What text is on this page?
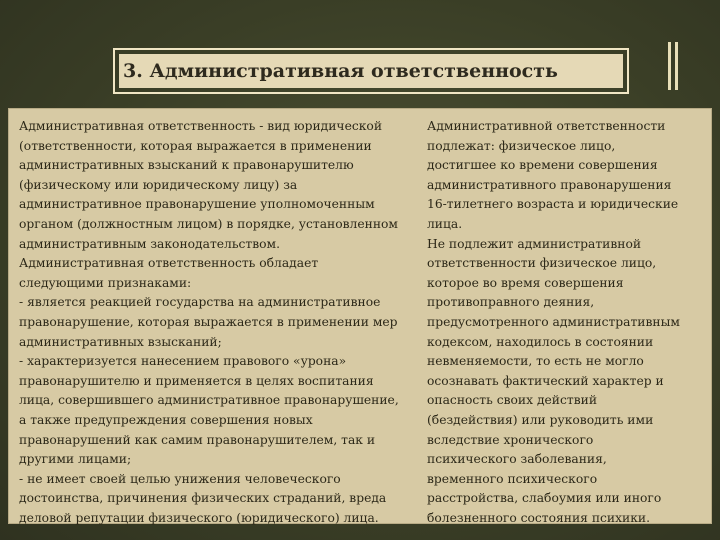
3. Административная ответственность
Административная ответственность - вид юридической
(ответственности, которая выражается в применении
административных взысканий к правонарушителю
(физическому или юридическому лицу) за
административное правонарушение уполномоченным
органом (должностным лицом) в порядке, установленном
административным законодательством.
Административная ответственность обладает
следующими признаками:
- является реакцией государства на административное
правонарушение, которая выражается в применении мер
административных взысканий;
- характеризуется нанесением правового «урона»
правонарушителю и применяется в целях воспитания
лица, совершившего административное правонарушение,
а также предупреждения совершения новых
правонарушений как самим правонарушителем, так и
другими лицами;
- не имеет своей целью унижения человеческого
достоинства, причинения физических страданий, вреда
деловой репутации физического (юридического) лица.
Административной ответственности
подлежат: физическое лицо,
достигшее ко времени совершения
административного правонарушения
16-тилетнего возраста и юридические
лица.
Не подлежит административной
ответственности физическое лицо,
которое во время совершения
противоправного деяния,
предусмотренного административным
кодексом, находилось в состоянии
невменяемости, то есть не могло
осознавать фактический характер и
опасность своих действий
(бездействия) или руководить ими
вследствие хронического
психического заболевания,
временного психического
расстройства, слабоумия или иного
болезненного состояния психики.
